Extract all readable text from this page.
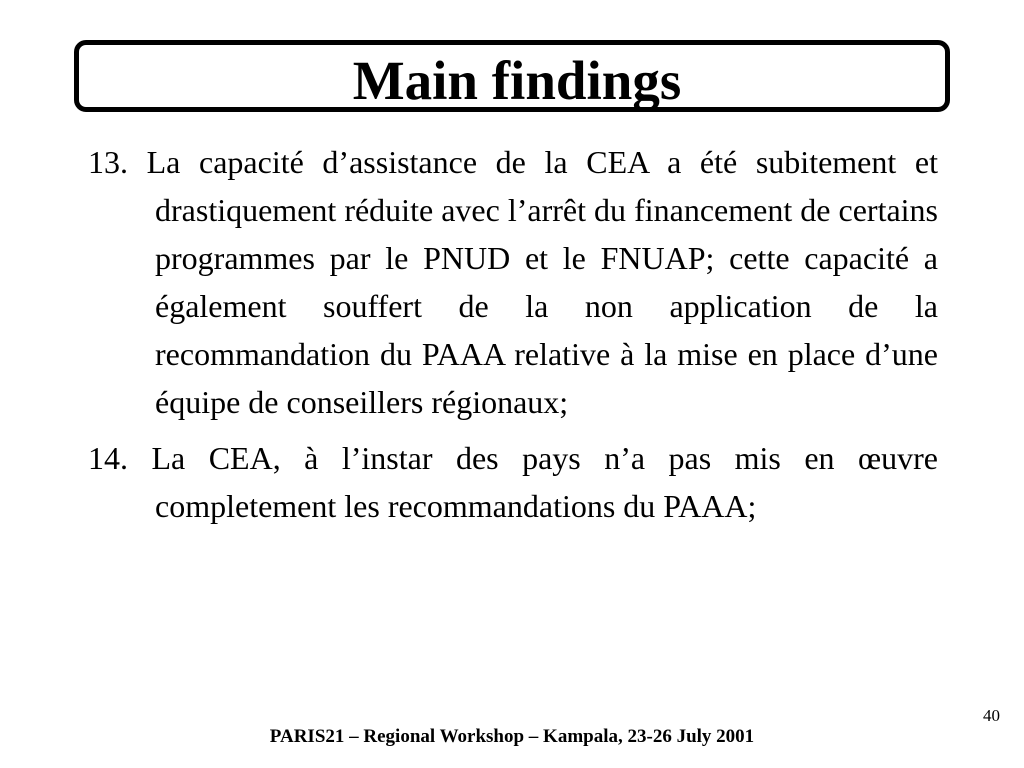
Main findings

13. La capacité d’assistance de la CEA a été subitement et drastiquement réduite avec l’arrêt du financement de certains programmes par le PNUD et le FNUAP; cette capacité a également souffert de la non application de la recommandation du PAAA relative à la mise en place d’une équipe de conseillers régionaux;

14. La CEA, à l’instar des pays n’a pas mis en œuvre completement les recommandations du PAAA;

40
PARIS21 – Regional Workshop – Kampala, 23-26 July 2001
